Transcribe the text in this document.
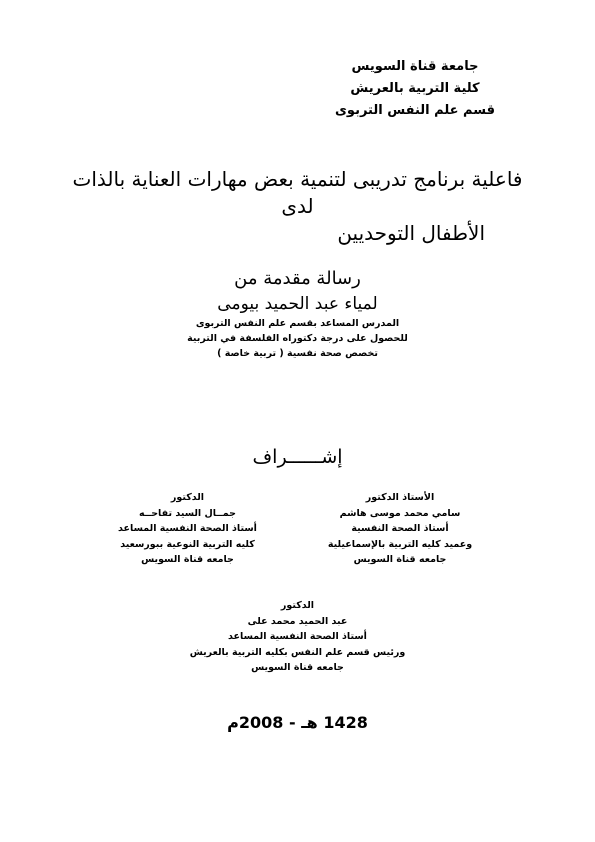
جامعة قناة السويس
كلية التربية بالعريش
قسم علم النفس التربوى
فاعلية برنامج تدريبى لتنمية بعض مهارات العناية بالذات لدى
الأطفال التوحديين
رسالة مقدمة من
لمياء عبد الحميد بيومى
المدرس المساعد بقسم علم النفس التربوى
للحصول على درجة دكتوراه الفلسفة في التربية
تخصص صحة نفسية ( تربية خاصة )
إشــــــراف
الأستاذ الدكتور
سامي محمد موسى هاشم
أستاذ الصحة النفسية
وعميد كليه التربية بالإسماعيلية
جامعه قناة السويس
الدكتور
جمــال السيد تفاحــه
أستاذ الصحة النفسية المساعد
كليه التربية النوعية ببورسعيد
جامعه قناة السويس
الدكتور
عبد الحميد محمد على
أستاذ الصحة النفسية المساعد
ورئيس قسم علم النفس بكليه التربية بالعريش
جامعه قناة السويس
1428 هـ - 2008م
